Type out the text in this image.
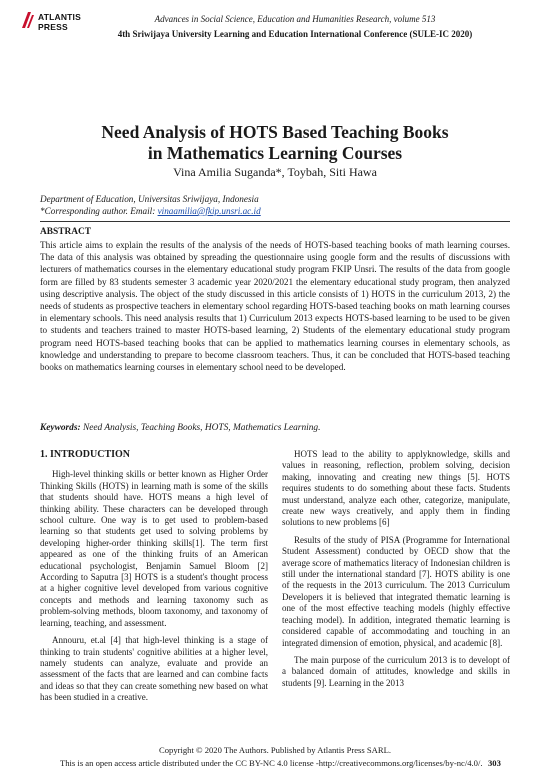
ATLANTIS
PRESS
Advances in Social Science, Education and Humanities Research, volume 513
4th Sriwijaya University Learning and Education International Conference (SULE-IC 2020)
Need Analysis of HOTS Based Teaching Books
in Mathematics Learning Courses
Vina Amilia Suganda*, Toybah, Siti Hawa
Department of Education, Universitas Sriwijaya, Indonesia
*Corresponding author. Email: vinaamilia@fkip.unsri.ac.id
ABSTRACT
This article aims to explain the results of the analysis of the needs of HOTS-based teaching books of math learning courses. The data of this analysis was obtained by spreading the questionnaire using google form and the results of discussions with lecturers of mathematics courses in the elementary educational study program FKIP Unsri. The results of the data from google form are filled by 83 students semester 3 academic year 2020/2021 the elementary educational study program, then analyzed using descriptive analysis. The object of the study discussed in this article consists of 1) HOTS in the curriculum 2013, 2) the needs of students as prospective teachers in elementary school regarding HOTS-based teaching books on math learning courses in elementary schools. This need analysis results that 1) Curriculum 2013 expects HOTS-based learning to be used to be given to students and teachers trained to master HOTS-based learning, 2) Students of the elementary educational study program program need HOTS-based teaching books that can be applied to mathematics learning courses in elementary schools, as knowledge and understanding to prepare to become classroom teachers. Thus, it can be concluded that HOTS-based teaching books on mathematics learning courses in elementary school need to be developed.
Keywords: Need Analysis, Teaching Books, HOTS, Mathematics Learning.
1. INTRODUCTION

High-level thinking skills or better known as Higher Order Thinking Skills (HOTS) in learning math is some of the skills that students should have. HOTS means a high level of thinking ability. These characters can be developed through school culture. One way is to get used to problem-based learning so that students get used to solving problems by developing higher-order thinking skills[1]. The term first appeared as one of the thinking fruits of an American educational psychologist, Benjamin Samuel Bloom [2] According to Saputra [3] HOTS is a student's thought process at a higher cognitive level developed from various cognitive concepts and methods and learning taxonomy such as problem-solving methods, bloom taxonomy, and taxonomy of learning, teaching, and assessment.

Annouru, et.al [4] that high-level thinking is a stage of thinking to train students' cognitive abilities at a higher level, namely students can analyze, evaluate and provide an assessment of the facts that are learned and can combine facts and ideas so that they can create something new based on what has been studied in a creative.

HOTS lead to the ability to applyknowledge, skills and values in reasoning, reflection, problem solving, decision making, innovating and creating new things [5]. HOTS requires students to do something about these facts. Students must understand, analyze each other, categorize, manipulate, create new ways creatively, and apply them in finding solutions to new problems [6]

Results of the study of PISA (Programme for International Student Assessment) conducted by OECD show that the average score of mathematics literacy of Indonesian children is still under the international standard [7]. HOTS ability is one of the requests in the 2013 curriculum. The 2013 Curriculum Developers it is believed that integrated thematic learning is one of the most effective teaching models (highly effective teaching model). In addition, integrated thematic learning is considered capable of accommodating and touching in an integrated dimension of emotion, physical, and academic [8].

The main purpose of the curriculum 2013 is to developt of a balanced domain of attitudes, knowledge and skills in students [9]. Learning in the 2013

Copyright © 2020 The Authors. Published by Atlantis Press SARL.
This is an open access article distributed under the CC BY-NC 4.0 license -http://creativecommons.org/licenses/by-nc/4.0/. 303
